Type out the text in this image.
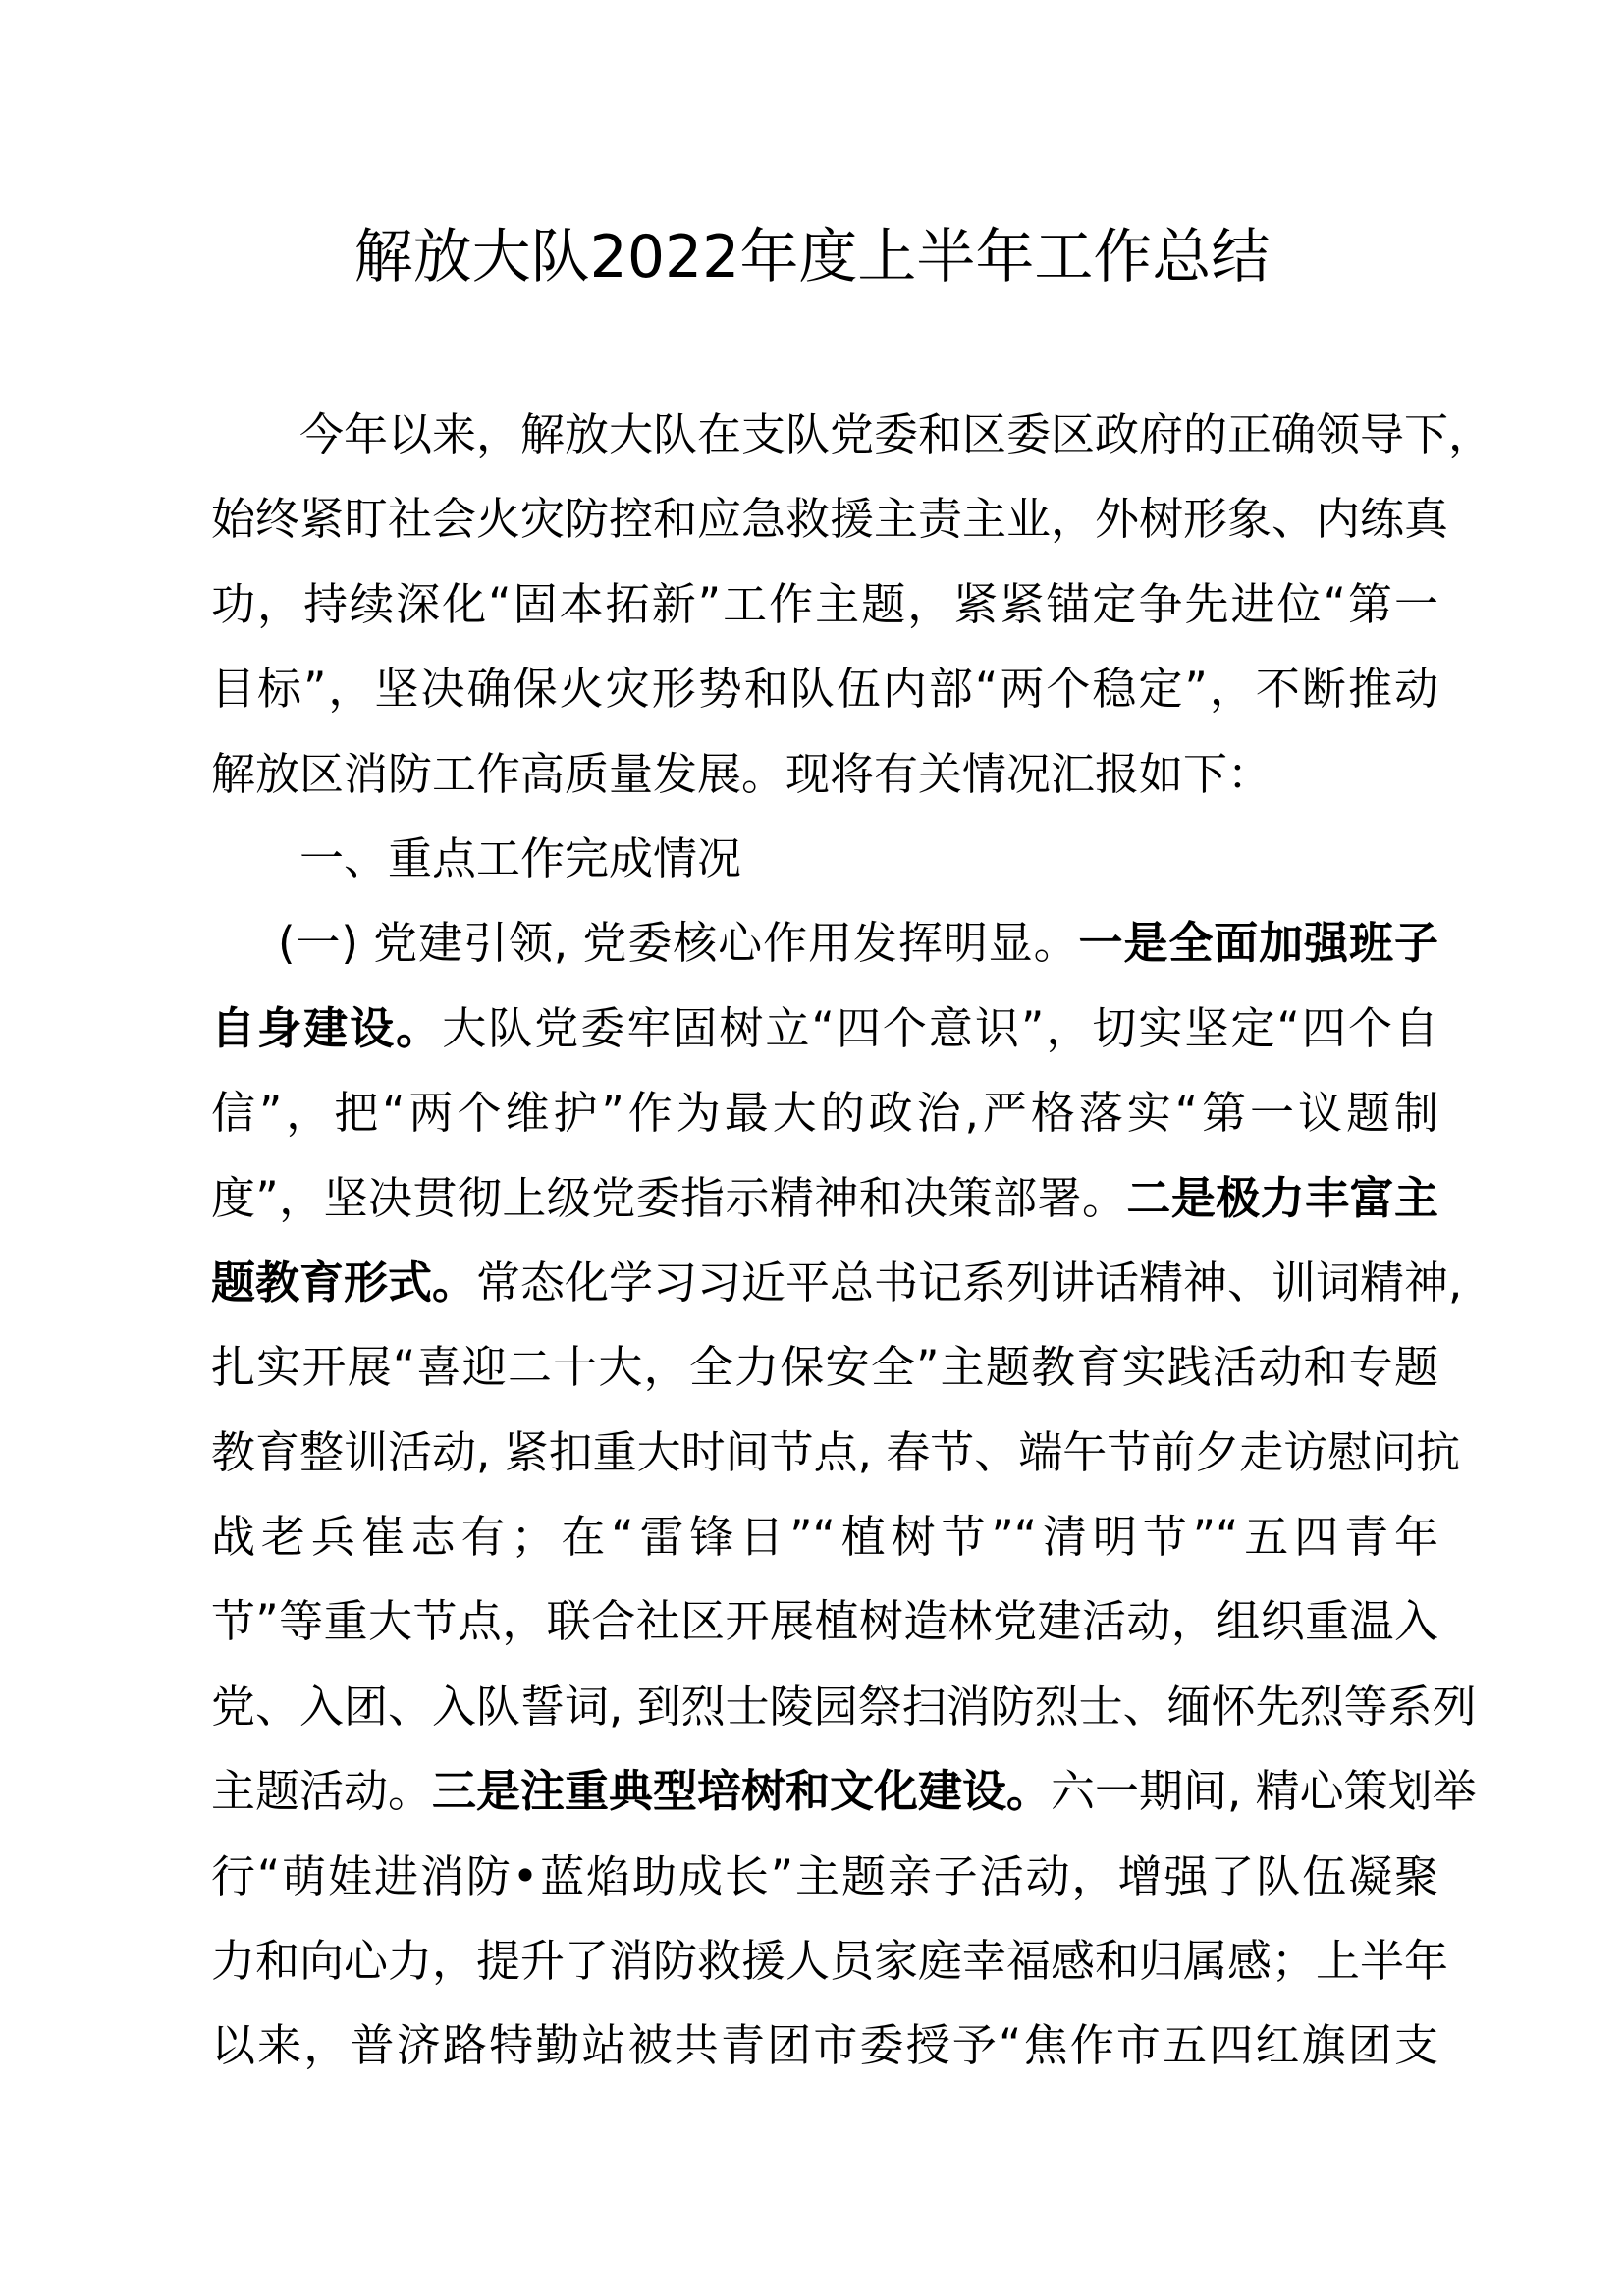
解放大队2022年度上半年工作总结
今年以来，解放大队在支队党委和区委区政府的正确领导下，
始终紧盯社会火灾防控和应急救援主责主业，外树形象、内练真
功，持续深化“固本拓新”工作主题，紧紧锚定争先进位“第一
目标”，坚决确保火灾形势和队伍内部“两个稳定”，不断推动
解放区消防工作高质量发展。现将有关情况汇报如下：
一、重点工作完成情况
(一) 党建引领, 党委核心作用发挥明显。一是全面加强班子
自身建设。大队党委牢固树立“四个意识”，切实坚定“四个自
信”，把“两个维护”作为最大的政治,严格落实“第一议题制
度”，坚决贯彻上级党委指示精神和决策部署。二是极力丰富主
题教育形式。常态化学习习近平总书记系列讲话精神、训词精神,
扎实开展“喜迎二十大，全力保安全”主题教育实践活动和专题
教育整训活动, 紧扣重大时间节点, 春节、端午节前夕走访慰问抗
战老兵崔志有；在“雷锋日”“植树节”“清明节”“五四青年
节”等重大节点，联合社区开展植树造林党建活动，组织重温入
党、入团、入队誓词, 到烈士陵园祭扫消防烈士、缅怀先烈等系列
主题活动。三是注重典型培树和文化建设。六一期间, 精心策划举
行“萌娃进消防•蓝焰助成长”主题亲子活动，增强了队伍凝聚
力和向心力，提升了消防救援人员家庭幸福感和归属感；上半年
以来，普济路特勤站被共青团市委授予“焦作市五四红旗团支
